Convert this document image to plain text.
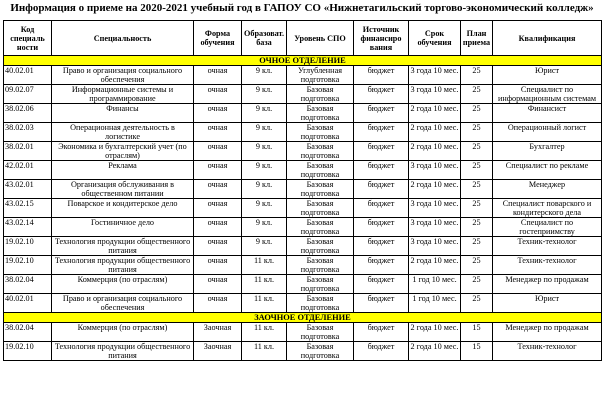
Информация о приеме на 2020-2021 учебный год в ГАПОУ СО «Нижнетагильский торгово-экономический колледж»
Код специаль ности	Специальность	Форма обучения	Образоват. база	Уровень СПО	Источник финансиро вания	Срок обучения	План приема	Квалификация
ОЧНОЕ ОТДЕЛЕНИЕ								
40.02.01	Право и организация социального обеспечения	очная	9 кл.	Углубленная подготовка	бюджет	3 года 10 мес.	25	Юрист
09.02.07	Информационные системы и программирование	очная	9 кл.	Базовая подготовка	бюджет	3 года 10 мес.	25	Специалист по информационным системам
38.02.06	Финансы	очная	9 кл.	Базовая подготовка	бюджет	2 года 10 мес.	25	Финансист
38.02.03	Операционная деятельность в логистике	очная	9 кл.	Базовая подготовка	бюджет	2 года 10 мес.	25	Операционный логист
38.02.01	Экономика и бухгалтерский учет (по отраслям)	очная	9 кл.	Базовая подготовка	бюджет	2 года 10 мес.	25	Бухгалтер
42.02.01	Реклама	очная	9 кл.	Базовая подготовка	бюджет	3 года 10 мес.	25	Специалист по рекламе
43.02.01	Организация обслуживания в общественном питании	очная	9 кл.	Базовая подготовка	бюджет	2 года 10 мес.	25	Менеджер
43.02.15	Поварское и кондитерское дело	очная	9 кл.	Базовая подготовка	бюджет	3 года 10 мес.	25	Специалист поварского и кондитерского дела
43.02.14	Гостиничное дело	очная	9 кл.	Базовая подготовка	бюджет	3 года 10 мес.	25	Специалист по гостеприимству
19.02.10	Технология продукции общественного питания	очная	9 кл.	Базовая подготовка	бюджет	3 года 10 мес.	25	Техник-технолог
19.02.10	Технология продукции общественного питания	очная	11 кл.	Базовая подготовка	бюджет	2 года 10 мес.	25	Техник-технолог
38.02.04	Коммерция (по отраслям)	очная	11 кл.	Базовая подготовка	бюджет	1 год 10 мес.	25	Менеджер по продажам
40.02.01	Право и организация социального обеспечения	очная	11 кл.	Базовая подготовка	бюджет	1 год 10 мес.	25	Юрист
ЗАОЧНОЕ ОТДЕЛЕНИЕ								
38.02.04	Коммерция (по отраслям)	Заочная	11 кл.	Базовая подготовка	бюджет	2 года 10 мес.	15	Менеджер по продажам
19.02.10	Технология продукции общественного питания	Заочная	11 кл.	Базовая подготовка	бюджет	2 года 10 мес.	15	Техник-технолог
